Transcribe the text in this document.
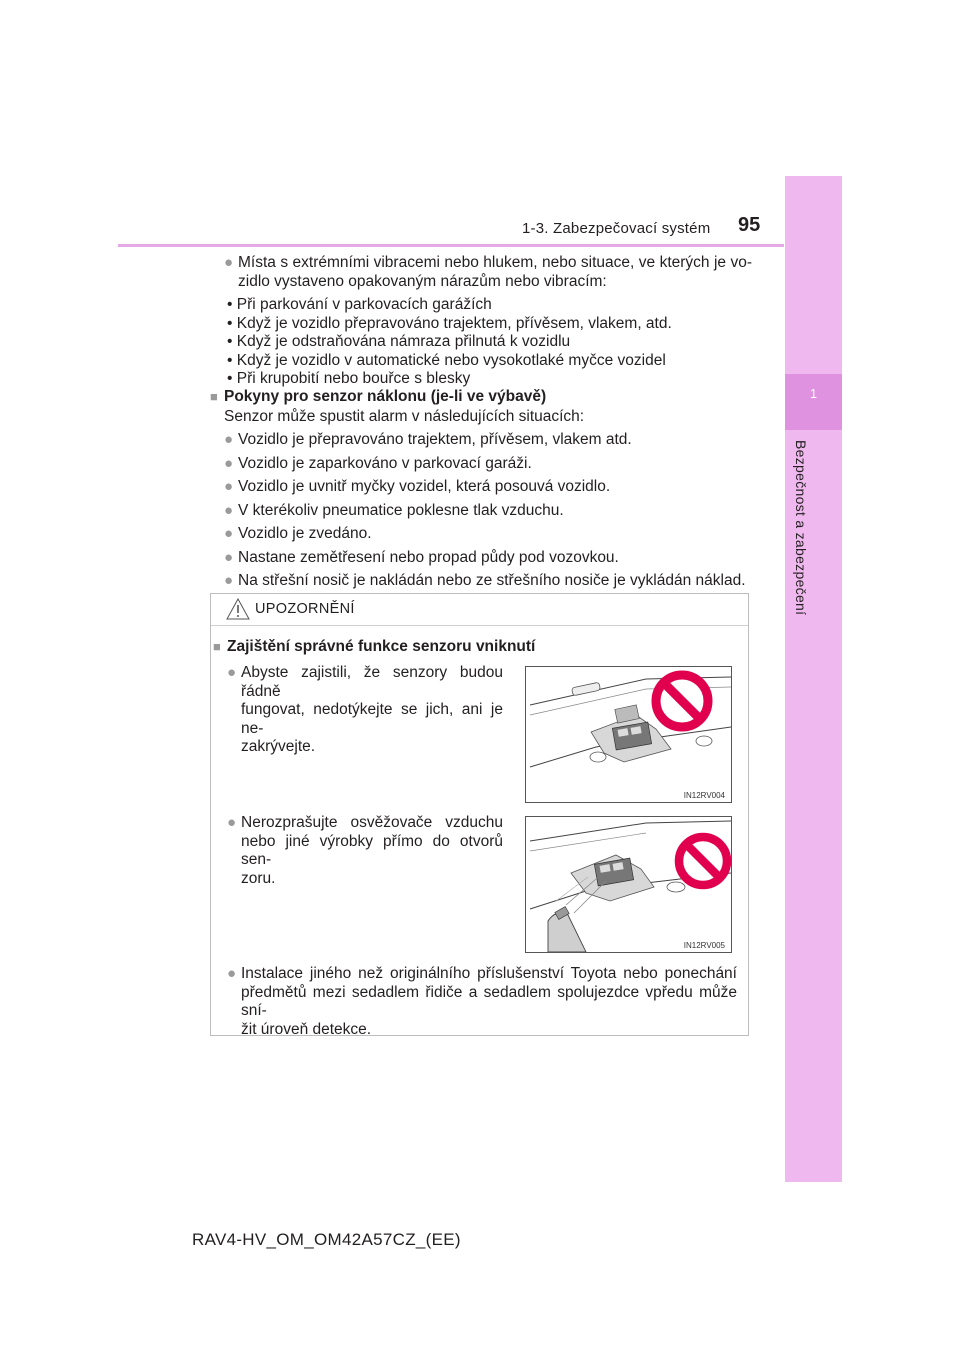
1-3. Zabezpečovací systém 95
1
Bezpečnost a zabezpečení
● Místa s extrémními vibracemi nebo hlukem, nebo situace, ve kterých je vo-
zidlo vystaveno opakovaným nárazům nebo vibracím:
• Při parkování v parkovacích garážích
• Když je vozidlo přepravováno trajektem, přívěsem, vlakem, atd.
• Když je odstraňována námraza přilnutá k vozidlu
• Když je vozidlo v automatické nebo vysokotlaké myčce vozidel
• Při krupobití nebo bouřce s blesky
■ Pokyny pro senzor náklonu (je-li ve výbavě)
Senzor může spustit alarm v následujících situacích:
● Vozidlo je přepravováno trajektem, přívěsem, vlakem atd.
● Vozidlo je zaparkováno v parkovací garáži.
● Vozidlo je uvnitř myčky vozidel, která posouvá vozidlo.
● V kterékoliv pneumatice poklesne tlak vzduchu.
● Vozidlo je zvedáno.
● Nastane zemětřesení nebo propad půdy pod vozovkou.
● Na střešní nosič je nakládán nebo ze střešního nosiče je vykládán náklad.
UPOZORNĚNÍ
■ Zajištění správné funkce senzoru vniknutí
● Abyste zajistili, že senzory budou řádně
fungovat, nedotýkejte se jich, ani je ne-
zakrývejte.
IN12RV004
● Nerozprašujte osvěžovače vzduchu
nebo jiné výrobky přímo do otvorů sen-
zoru.
IN12RV005
● Instalace jiného než originálního příslušenství Toyota nebo ponechání
předmětů mezi sedadlem řidiče a sedadlem spolujezdce vpředu může sní-
žit úroveň detekce.
RAV4-HV_OM_OM42A57CZ_(EE)
